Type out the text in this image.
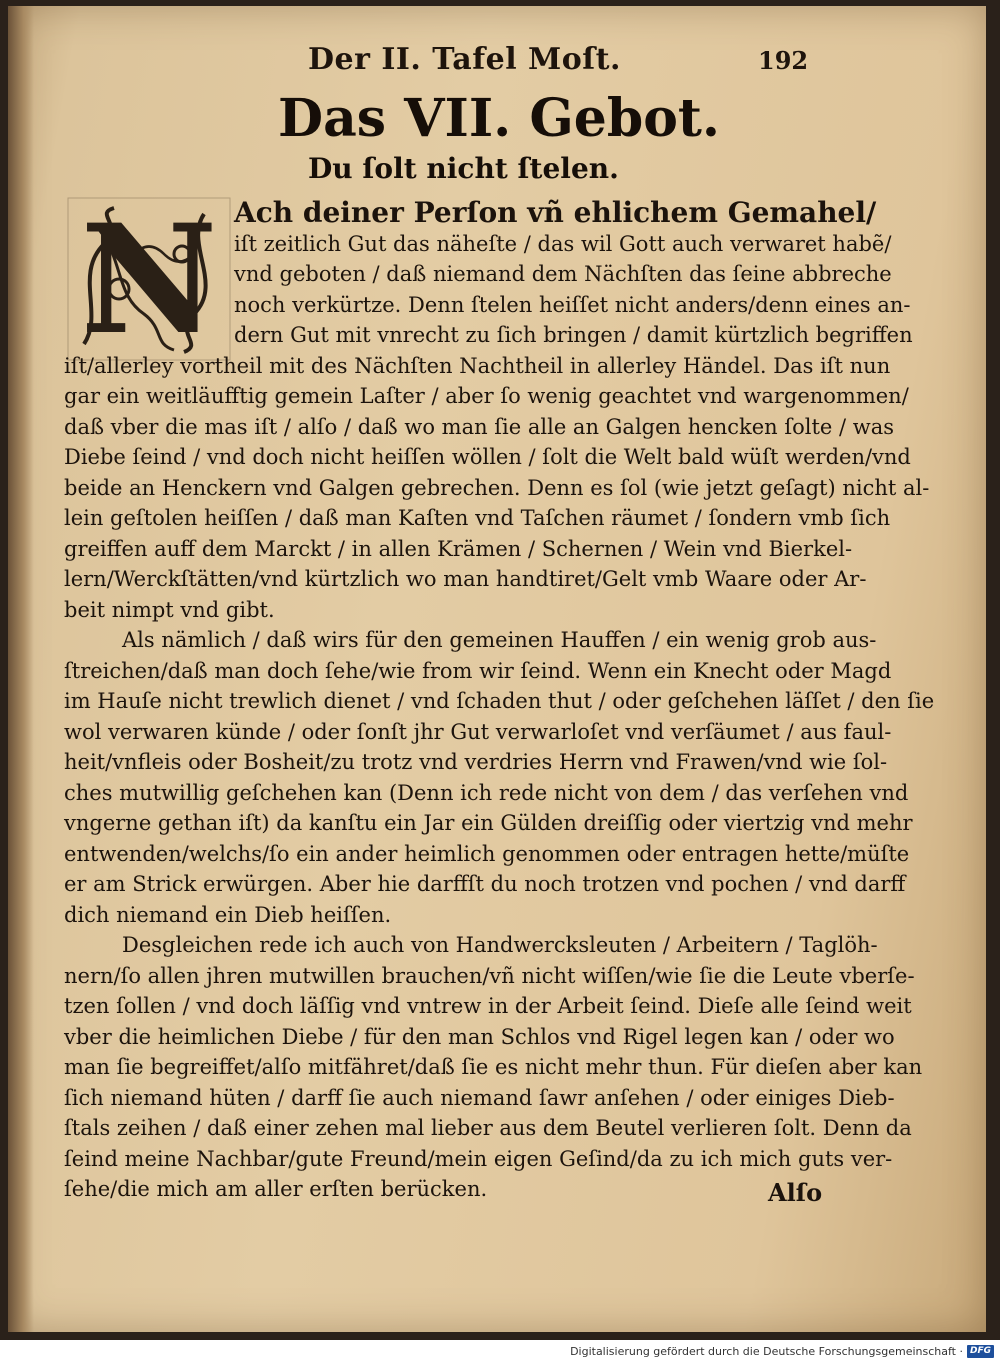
Der II. Tafel Moſt.	192
Das VII. Gebot.
Du ſolt nicht ſtelen.
N Ach deiner Perſon vñ ehlichem Gemahel/
iſt zeitlich Gut das näheſte / das wil Gott auch verwaret habẽ/
vnd geboten / daß niemand dem Nächſten das ſeine abbreche
noch verkürtze. Denn ſtelen heiſſet nicht anders/denn eines an-
dern Gut mit vnrecht zu ſich bringen / damit kürtzlich begriffen
iſt/allerley vortheil mit des Nächſten Nachtheil in allerley Händel. Das iſt nun
gar ein weitläufftig gemein Laſter / aber ſo wenig geachtet vnd wargenommen/
daß vber die mas iſt / alſo / daß wo man ſie alle an Galgen hencken ſolte / was
Diebe ſeind / vnd doch nicht heiſſen wöllen / ſolt die Welt bald wüſt werden/vnd
beide an Henckern vnd Galgen gebrechen. Denn es ſol (wie jetzt geſagt) nicht al-
lein geſtolen heiſſen / daß man Kaſten vnd Taſchen räumet / ſondern vmb ſich
greiffen auff dem Marckt / in allen Krämen / Schernen / Wein vnd Bierkel-
lern/Werckſtätten/vnd kürtzlich wo man handtiret/Gelt vmb Waare oder Ar-
beit nimpt vnd gibt.
Als nämlich / daß wirs für den gemeinen Hauffen / ein wenig grob aus-
ſtreichen/daß man doch ſehe/wie from wir ſeind. Wenn ein Knecht oder Magd
im Hauſe nicht trewlich dienet / vnd ſchaden thut / oder geſchehen läſſet / den ſie
wol verwaren künde / oder ſonſt jhr Gut verwarloſet vnd verſäumet / aus faul-
heit/vnfleis oder Bosheit/zu trotz vnd verdries Herrn vnd Frawen/vnd wie ſol-
ches mutwillig geſchehen kan (Denn ich rede nicht von dem / das verſehen vnd
vngerne gethan iſt) da kanſtu ein Jar ein Gülden dreiſſig oder viertzig vnd mehr
entwenden/welchs/ſo ein ander heimlich genommen oder entragen hette/müſte
er am Strick erwürgen. Aber hie darffſt du noch trotzen vnd pochen / vnd darff
dich niemand ein Dieb heiſſen.
Desgleichen rede ich auch von Handwercksleuten / Arbeitern / Taglöh-
nern/ſo allen jhren mutwillen brauchen/vñ nicht wiſſen/wie ſie die Leute vberſe-
tzen ſollen / vnd doch läſſig vnd vntrew in der Arbeit ſeind. Dieſe alle ſeind weit
vber die heimlichen Diebe / für den man Schlos vnd Rigel legen kan / oder wo
man ſie begreiffet/alſo mitfähret/daß ſie es nicht mehr thun. Für dieſen aber kan
ſich niemand hüten / darff ſie auch niemand ſawr anſehen / oder einiges Dieb-
ſtals zeihen / daß einer zehen mal lieber aus dem Beutel verlieren ſolt. Denn da
ſeind meine Nachbar/gute Freund/mein eigen Geſind/da zu ich mich guts ver-
ſehe/die mich am aller erſten berücken.	Alſo
Digitalisierung gefördert durch die Deutsche Forschungsgemeinschaft · DFG
